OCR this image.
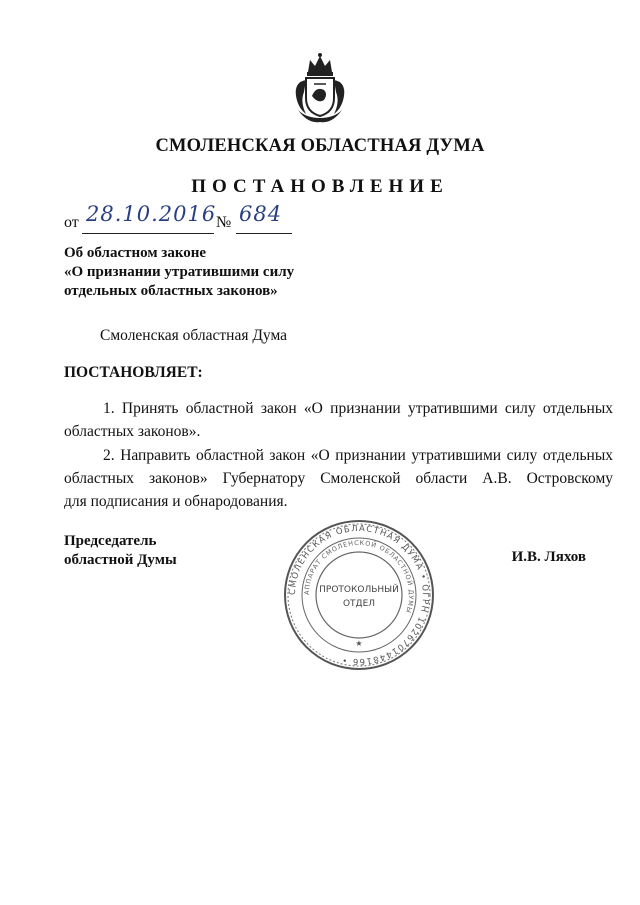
СМОЛЕНСКАЯ ОБЛАСТНАЯ ДУМА
ПОСТАНОВЛЕНИЕ
от 28.10.2016 № 684
Об областном законе
«О признании утратившими силу
отдельных областных законов»
Смоленская областная Дума
ПОСТАНОВЛЯЕТ:
1. Принять областной закон «О признании утратившими силу отдельных
областных законов».
2. Направить областной закон «О признании утратившими силу отдельных
областных законов» Губернатору Смоленской области А.В. Островскому
для подписания и обнародования.
Председатель
областной Думы	И.В. Ляхов
СМОЛЕНСКАЯ ОБЛАСТНАЯ ДУМА • ОГРН 1026701448166 •
АППАРАТ СМОЛЕНСКОЙ ОБЛАСТНОЙ ДУМЫ
ПРОТОКОЛЬНЫЙ
ОТДЕЛ
★
